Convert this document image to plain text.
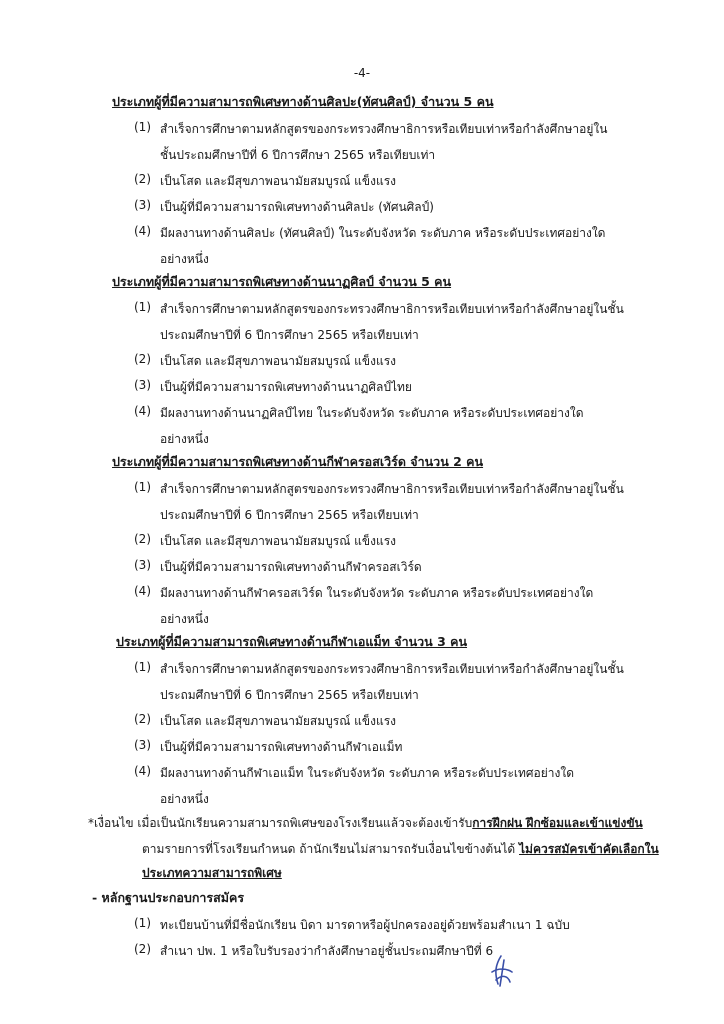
-4-
ประเภทผู้ที่มีความสามารถพิเศษทางด้านศิลปะ(ทัศนศิลป์) จำนวน 5 คน
(1) สำเร็จการศึกษาตามหลักสูตรของกระทรวงศึกษาธิการหรือเทียบเท่าหรือกำลังศึกษาอยู่ใน
ชั้นประถมศึกษาปีที่ 6 ปีการศึกษา 2565 หรือเทียบเท่า
(2) เป็นโสด และมีสุขภาพอนามัยสมบูรณ์ แข็งแรง
(3) เป็นผู้ที่มีความสามารถพิเศษทางด้านศิลปะ (ทัศนศิลป์)
(4) มีผลงานทางด้านศิลปะ (ทัศนศิลป์) ในระดับจังหวัด ระดับภาค หรือระดับประเทศอย่างใด
อย่างหนึ่ง
ประเภทผู้ที่มีความสามารถพิเศษทางด้านนาฏศิลป์ จำนวน 5 คน
(1) สำเร็จการศึกษาตามหลักสูตรของกระทรวงศึกษาธิการหรือเทียบเท่าหรือกำลังศึกษาอยู่ในชั้น
ประถมศึกษาปีที่ 6 ปีการศึกษา 2565 หรือเทียบเท่า
(2) เป็นโสด และมีสุขภาพอนามัยสมบูรณ์ แข็งแรง
(3) เป็นผู้ที่มีความสามารถพิเศษทางด้านนาฏศิลป์ไทย
(4) มีผลงานทางด้านนาฏศิลป์ไทย ในระดับจังหวัด ระดับภาค หรือระดับประเทศอย่างใด
อย่างหนึ่ง
ประเภทผู้ที่มีความสามารถพิเศษทางด้านกีฬาครอสเวิร์ด จำนวน 2 คน
(1) สำเร็จการศึกษาตามหลักสูตรของกระทรวงศึกษาธิการหรือเทียบเท่าหรือกำลังศึกษาอยู่ในชั้น
ประถมศึกษาปีที่ 6 ปีการศึกษา 2565 หรือเทียบเท่า
(2) เป็นโสด และมีสุขภาพอนามัยสมบูรณ์ แข็งแรง
(3) เป็นผู้ที่มีความสามารถพิเศษทางด้านกีฬาครอสเวิร์ด
(4) มีผลงานทางด้านกีฬาครอสเวิร์ด ในระดับจังหวัด ระดับภาค หรือระดับประเทศอย่างใด
อย่างหนึ่ง
ประเภทผู้ที่มีความสามารถพิเศษทางด้านกีฬาเอแม็ท จำนวน 3 คน
(1) สำเร็จการศึกษาตามหลักสูตรของกระทรวงศึกษาธิการหรือเทียบเท่าหรือกำลังศึกษาอยู่ในชั้น
ประถมศึกษาปีที่ 6 ปีการศึกษา 2565 หรือเทียบเท่า
(2) เป็นโสด และมีสุขภาพอนามัยสมบูรณ์ แข็งแรง
(3) เป็นผู้ที่มีความสามารถพิเศษทางด้านกีฬาเอแม็ท
(4) มีผลงานทางด้านกีฬาเอแม็ท ในระดับจังหวัด ระดับภาค หรือระดับประเทศอย่างใด
อย่างหนึ่ง
*เงื่อนไข เมื่อเป็นนักเรียนความสามารถพิเศษของโรงเรียนแล้วจะต้องเข้ารับการฝึกฝน ฝึกซ้อมและเข้าแข่งขัน
ตามรายการที่โรงเรียนกำหนด ถ้านักเรียนไม่สามารถรับเงื่อนไขข้างต้นได้ ไม่ควรสมัครเข้าคัดเลือกใน
ประเภทความสามารถพิเศษ
- หลักฐานประกอบการสมัคร
(1) ทะเบียนบ้านที่มีชื่อนักเรียน บิดา มารดาหรือผู้ปกครองอยู่ด้วยพร้อมสำเนา 1 ฉบับ
(2) สำเนา ปพ. 1 หรือใบรับรองว่ากำลังศึกษาอยู่ชั้นประถมศึกษาปีที่ 6
